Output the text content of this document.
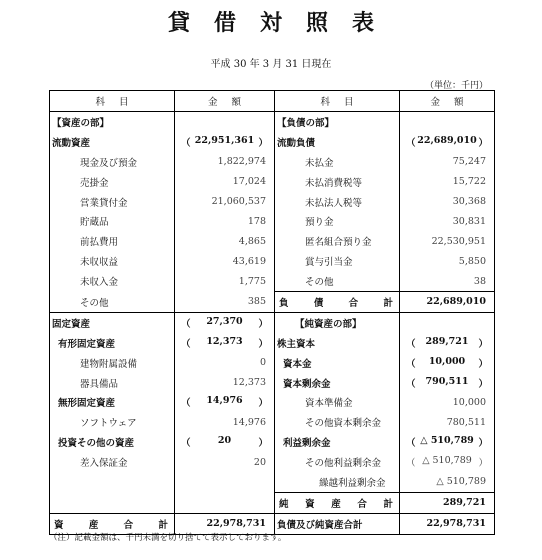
貸借対照表
平成 30 年 3 月 31 日現在
（単位：千円）
科目	金額	科目	金額
【資産の部】		【負債の部】	
流動資産	（ 22,951,361 ）	流動負債	（ 22,689,010 ）

現金及び預金	1,822,974	未払金	75,247
売掛金	17,024	未払消費税等	15,722
営業貸付金	21,060,537	未払法人税等	30,368
貯蔵品	178	預り金	30,831
前払費用	4,865	匿名組合預り金	22,530,951
未収収益	43,619	賞与引当金	5,850
未収入金	1,775	その他	38
その他	385	負 債 合 計	22,689,010
固定資産	（ 27,370 ）	【純資産の部】	
有形固定資産	（ 12,373 ）	株主資本	（ 289,721 ）

建物附属設備	0	資本金	（ 10,000 ）

器具備品	12,373	資本剰余金	（ 790,511 ）

無形固定資産	（ 14,976 ）	資本準備金	10,000
ソフトウェア	14,976	その他資本剰余金	780,511
投資その他の資産	（ 20 ）	利益剰余金	（ △ 510,789 ）

差入保証金	20	その他利益剰余金	（ △ 510,789 ）

		繰越利益剰余金	△ 510,789

		純 資 産 合 計	289,721

資 産 合 計	22,978,731	負債及び純資産合計	22,978,731
（注）記載金額は、千円未満を切り捨てて表示しております。
